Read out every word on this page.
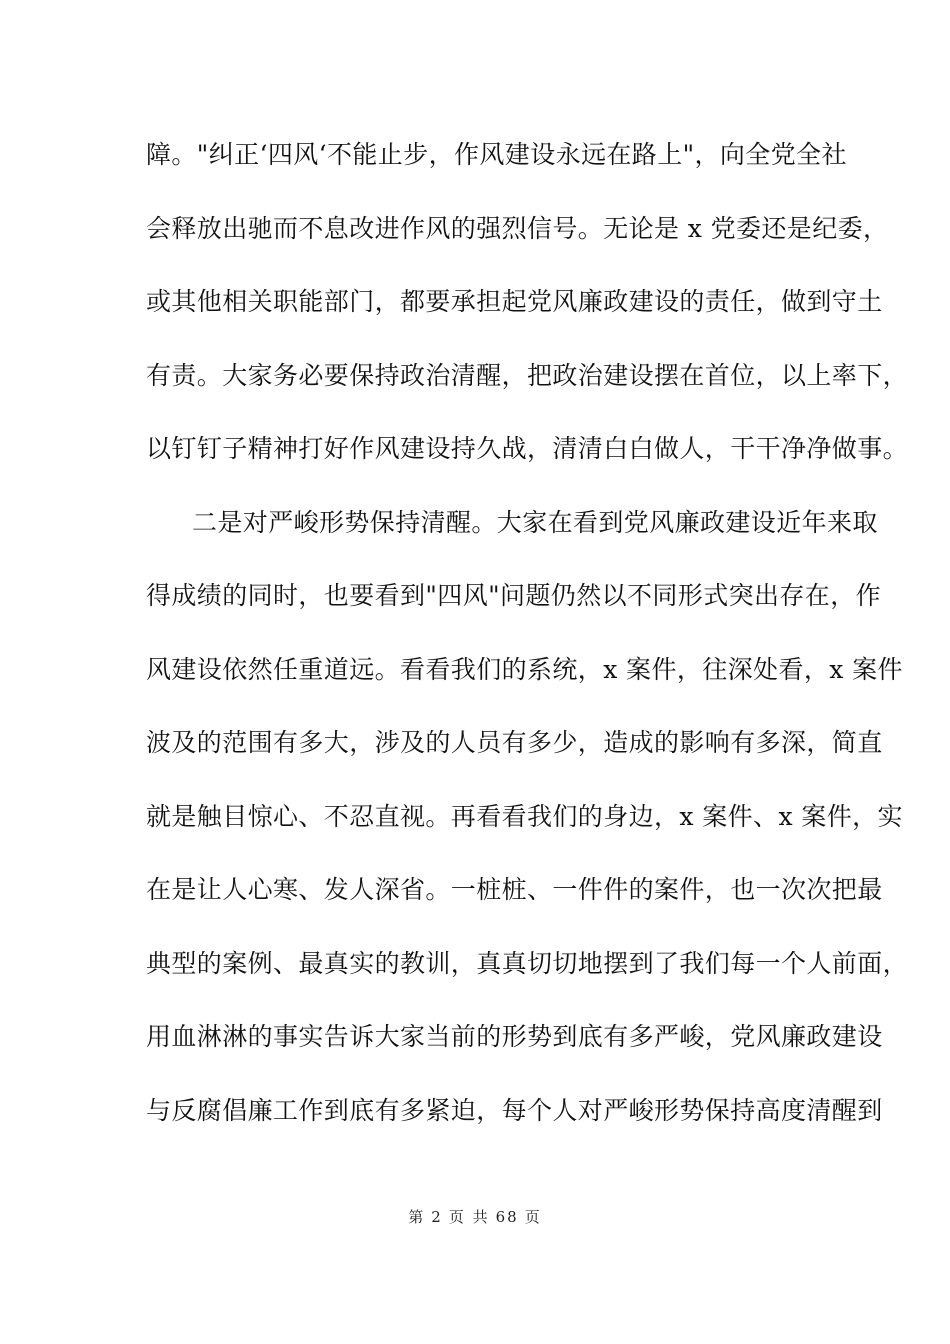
障。"纠正‘四风‘不能止步，作风建设永远在路上"，向全党全社
会释放出驰而不息改进作风的强烈信号。无论是 x 党委还是纪委，
或其他相关职能部门，都要承担起党风廉政建设的责任，做到守土
有责。大家务必要保持政治清醒，把政治建设摆在首位，以上率下，
以钉钉子精神打好作风建设持久战，清清白白做人，干干净净做事。
二是对严峻形势保持清醒。大家在看到党风廉政建设近年来取
得成绩的同时，也要看到"四风"问题仍然以不同形式突出存在，作
风建设依然任重道远。看看我们的系统，x 案件，往深处看，x 案件
波及的范围有多大，涉及的人员有多少，造成的影响有多深，简直
就是触目惊心、不忍直视。再看看我们的身边，x 案件、x 案件，实
在是让人心寒、发人深省。一桩桩、一件件的案件，也一次次把最
典型的案例、最真实的教训，真真切切地摆到了我们每一个人前面，
用血淋淋的事实告诉大家当前的形势到底有多严峻，党风廉政建设
与反腐倡廉工作到底有多紧迫，每个人对严峻形势保持高度清醒到
第 2 页 共 68 页
